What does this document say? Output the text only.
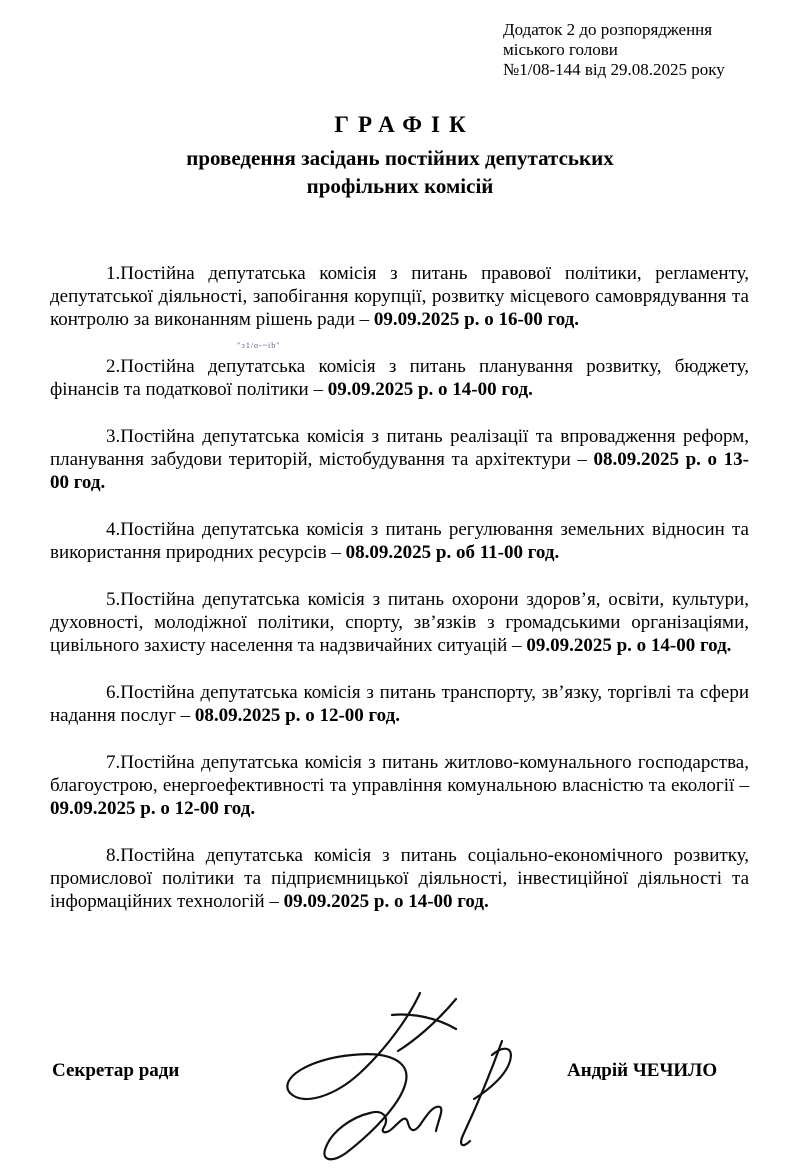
Додаток 2 до розпорядження
міського голови
№1/08-144 від 29.08.2025 року
ГРАФІК
проведення засідань постійних депутатських
профільних комісій
"ↄ1/o-~ib"

1.Постійна депутатська комісія з питань правової політики, регламенту, депутатської діяльності, запобігання корупції, розвитку місцевого самоврядування та контролю за виконанням рішень ради – 09.09.2025 р. о 16-00 год.

2.Постійна депутатська комісія з питань планування розвитку, бюджету, фінансів та податкової політики – 09.09.2025 р. о 14-00 год.

3.Постійна депутатська комісія з питань реалізації та впровадження реформ, планування забудови територій, містобудування та архітектури – 08.09.2025 р. о 13-00 год.

4.Постійна депутатська комісія з питань регулювання земельних відносин та використання природних ресурсів – 08.09.2025 р. об 11-00 год.

5.Постійна депутатська комісія з питань охорони здоров’я, освіти, культури, духовності, молодіжної політики, спорту, зв’язків з громадськими організаціями, цивільного захисту населення та надзвичайних ситуацій – 09.09.2025 р. о 14-00 год.

6.Постійна депутатська комісія з питань транспорту, зв’язку, торгівлі та сфери надання послуг – 08.09.2025 р. о 12-00 год.

7.Постійна депутатська комісія з питань житлово-комунального господарства, благоустрою, енергоефективності та управління комунальною власністю та екології – 09.09.2025 р. о 12-00 год.

8.Постійна депутатська комісія з питань соціально-економічного розвитку, промислової політики та підприємницької діяльності, інвестиційної діяльності та інформаційних технологій – 09.09.2025 р. о 14-00 год.

Секретар ради	Андрій ЧЕЧИЛО
